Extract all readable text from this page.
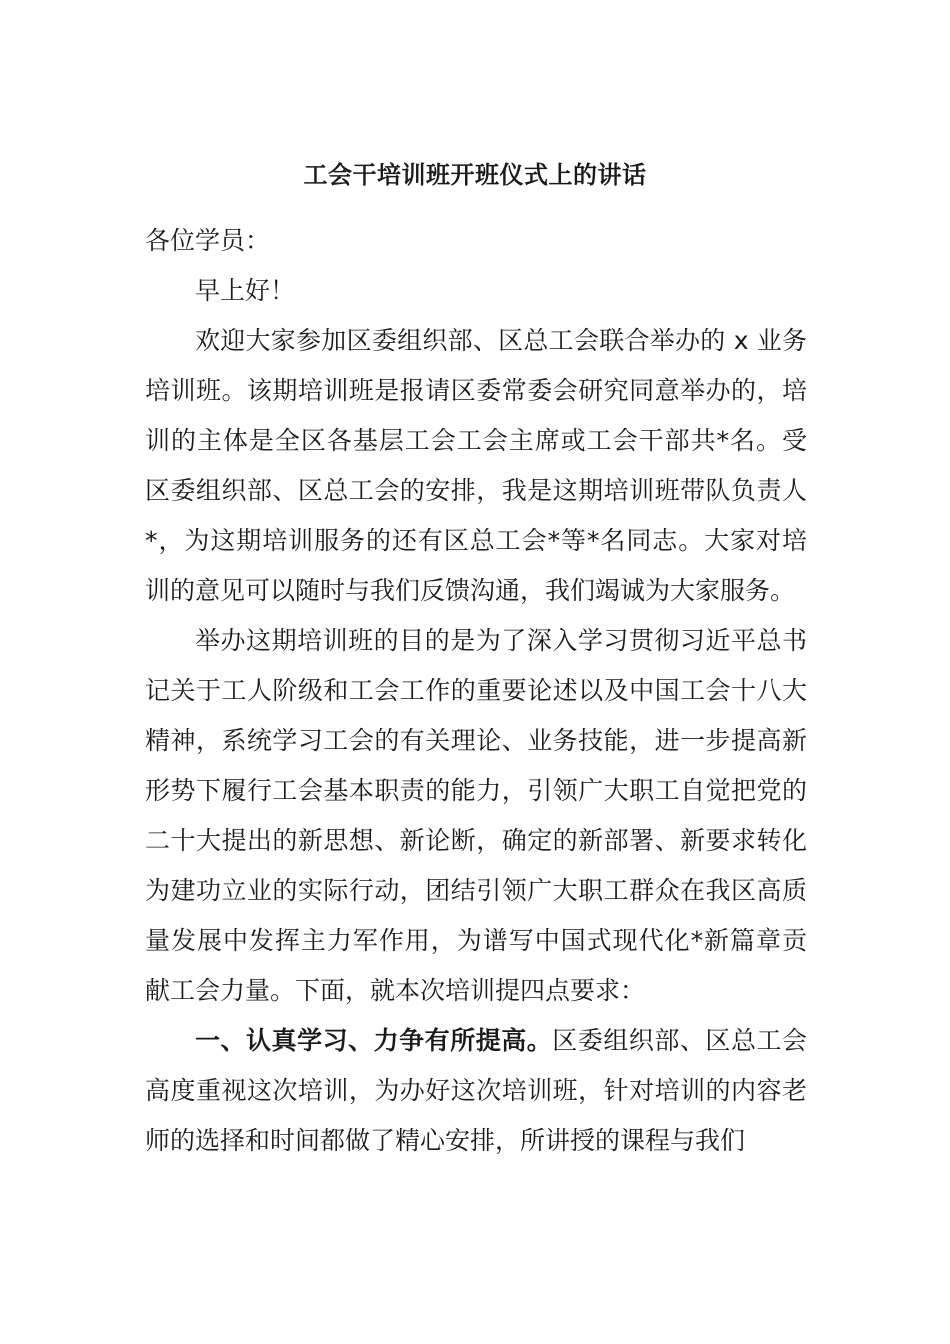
工会干培训班开班仪式上的讲话

各位学员：

早上好！

欢迎大家参加区委组织部、区总工会联合举办的 x 业务培训班。该期培训班是报请区委常委会研究同意举办的，培训的主体是全区各基层工会工会主席或工会干部共*名。受区委组织部、区总工会的安排，我是这期培训班带队负责人*，为这期培训服务的还有区总工会*等*名同志。大家对培训的意见可以随时与我们反馈沟通，我们竭诚为大家服务。

举办这期培训班的目的是为了深入学习贯彻习近平总书记关于工人阶级和工会工作的重要论述以及中国工会十八大精神，系统学习工会的有关理论、业务技能，进一步提高新形势下履行工会基本职责的能力，引领广大职工自觉把党的二十大提出的新思想、新论断，确定的新部署、新要求转化为建功立业的实际行动，团结引领广大职工群众在我区高质量发展中发挥主力军作用，为谱写中国式现代化*新篇章贡献工会力量。下面，就本次培训提四点要求：

一、认真学习、力争有所提高。区委组织部、区总工会高度重视这次培训，为办好这次培训班，针对培训的内容老师的选择和时间都做了精心安排，所讲授的课程与我们
